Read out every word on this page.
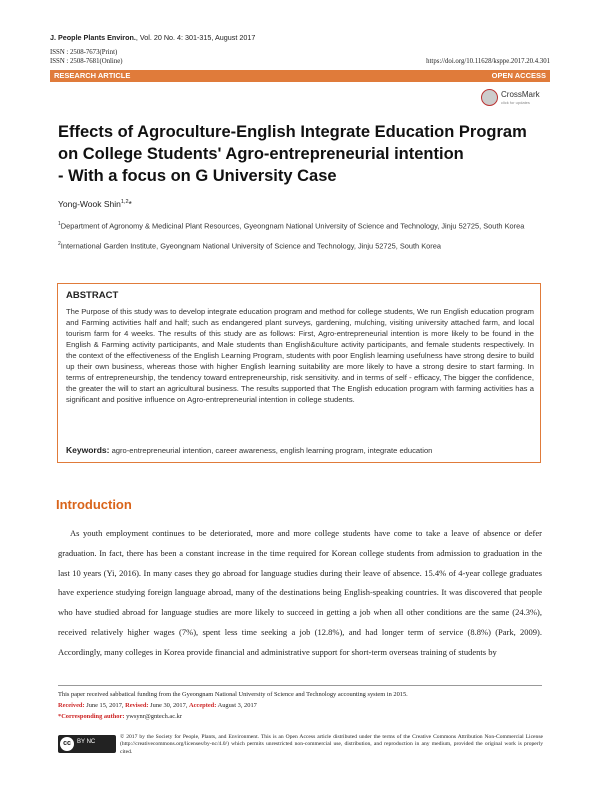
J. People Plants Environ., Vol. 20 No. 4: 301-315, August 2017
ISSN : 2508-7673(Print)
ISSN : 2508-7681(Online)	https://doi.org/10.11628/ksppe.2017.20.4.301
RESEARCH ARTICLE	OPEN ACCESS
CrossMark
click for updates
Effects of Agroculture-English Integrate Education Program
on College Students' Agro-entrepreneurial intention
- With a focus on G University Case
Yong-Wook Shin$^{1,2}$*
$^1$Department of Agronomy & Medicinal Plant Resources, Gyeongnam National University of Science and Technology, Jinju 52725, South Korea
$^2$International Garden Institute, Gyeongnam National University of Science and Technology, Jinju 52725, South Korea
ABSTRACT
The Purpose of this study was to develop integrate education program and method for college students, We run English education program and Farming activities half and half; such as endangered plant surveys, gardening, mulching, visiting university attached farm, and local tourism farm for 4 weeks. The results of this study are as follows: First, Agro-entrepreneurial intention is more likely to be found in the English & Farming activity participants, and Male students than English&culture activity participants, and female students respectively. In the context of the effectiveness of the English Learning Program, students with poor English learning usefulness have strong desire to build up their own business, whereas those with higher English learning suitability are more likely to have a strong desire to start farming. In terms of entrepreneurship, the tendency toward entrepreneurship, risk sensitivity. and in terms of self - efficacy, The bigger the confidence, the greater the will to start an agricultural business. The results supported that The English education program with farming activities has a significant and positive influence on Agro-entrepreneurial intention in college students.
Keywords: agro-entrepreneurial intention, career awareness, english learning program, integrate education
Introduction
As youth employment continues to be deteriorated, more and more college students have come to take a leave of absence or defer graduation. In fact, there has been a constant increase in the time required for Korean college students from admission to graduation in the last 10 years (Yi, 2016). In many cases they go abroad for language studies during their leave of absence. 15.4% of 4-year college graduates have experience studying foreign language abroad, many of the destinations being English-speaking countries. It was discovered that people who have studied abroad for language studies are more likely to succeed in getting a job when all other conditions are the same (24.3%), received relatively higher wages (7%), spent less time seeking a job (12.8%), and had longer term of service (8.8%) (Park, 2009). Accordingly, many colleges in Korea provide financial and administrative support for short-term overseas training of students by
This paper received sabbatical funding from the Gyeongnam National University of Science and Technology accounting system in 2015.
Received: June 15, 2017, Revised: June 30, 2017, Accepted: August 3, 2017
*Corresponding author: ywsynr@gntech.ac.kr
cc	BY NC
© 2017 by the Society for People, Plants, and Environment. This is an Open Access article distributed under the terms of the Creative Commons Attribution Non-Commercial License (http://creativecommons.org/licenses/by-nc/4.0/) which permits unrestricted non-commercial use, distribution, and reproduction in any medium, provided the original work is properly cited.
